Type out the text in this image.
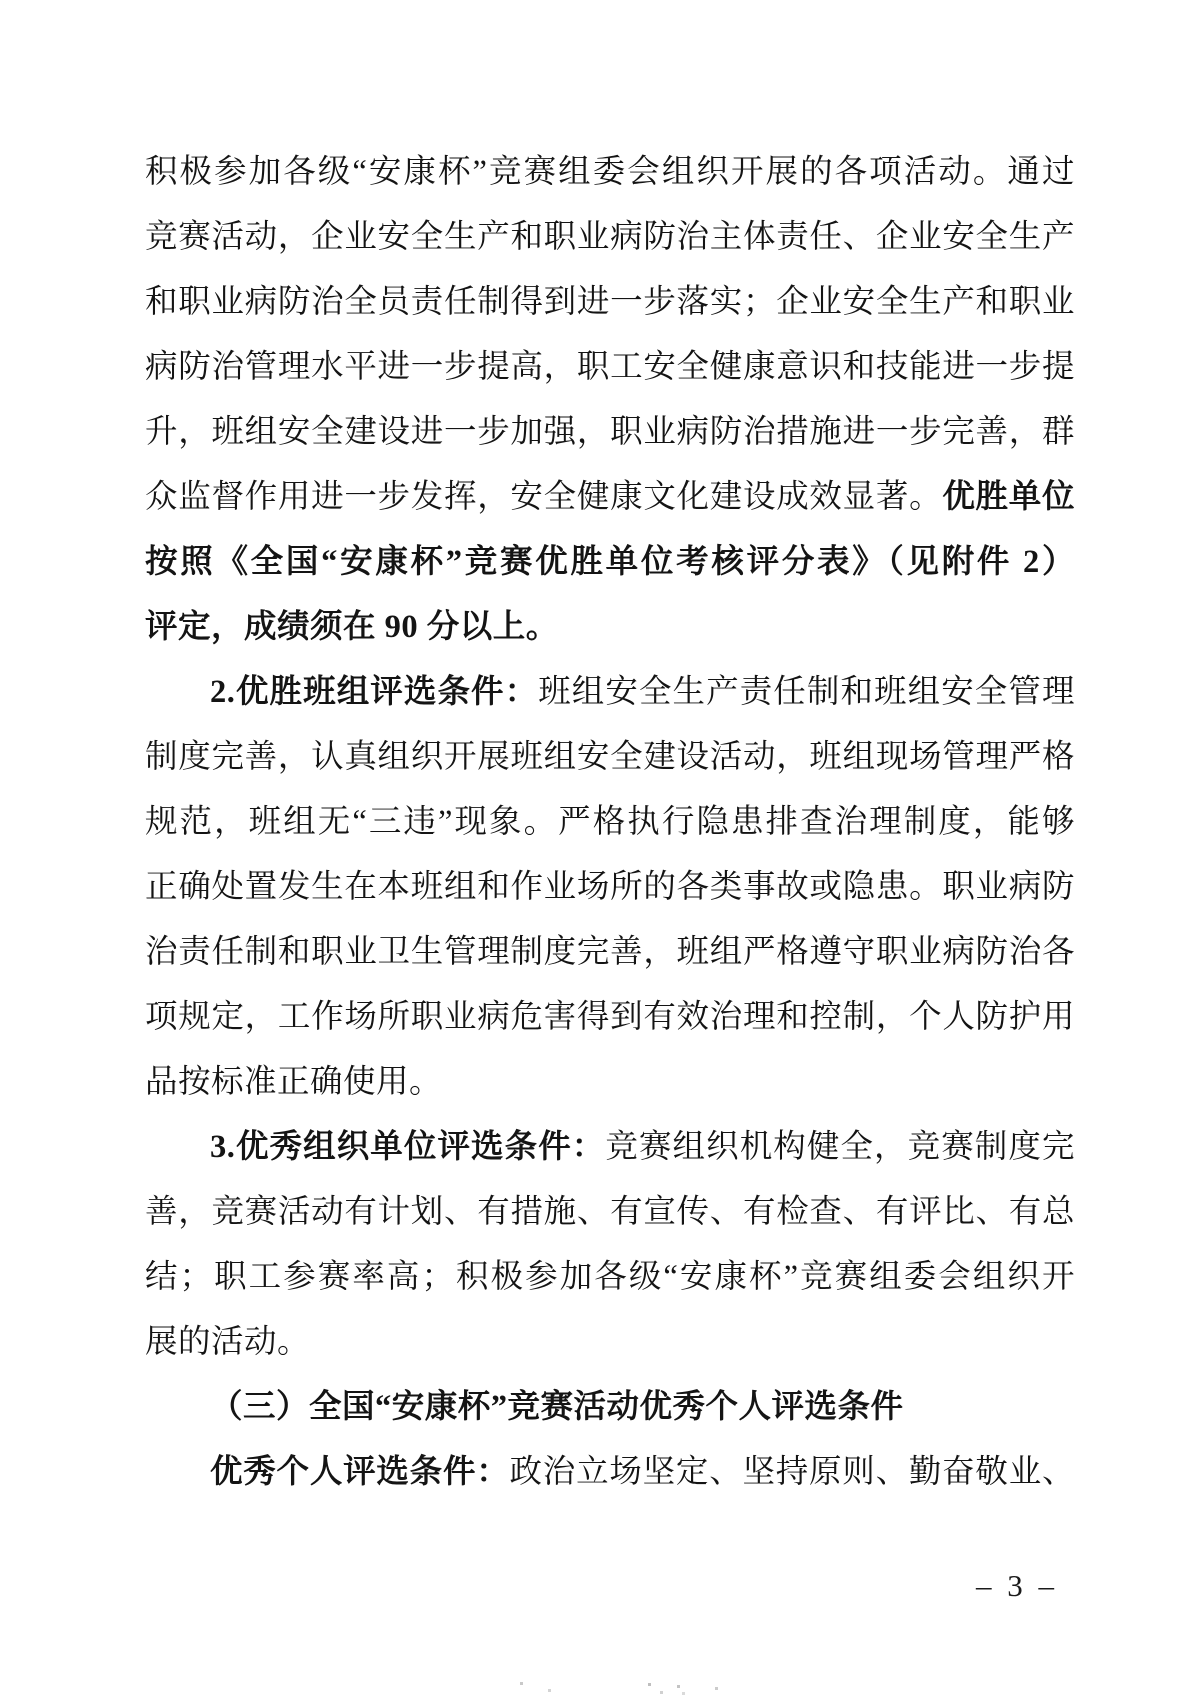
积极参加各级“安康杯”竞赛组委会组织开展的各项活动。通过
竞赛活动，企业安全生产和职业病防治主体责任、企业安全生产
和职业病防治全员责任制得到进一步落实；企业安全生产和职业
病防治管理水平进一步提高，职工安全健康意识和技能进一步提
升，班组安全建设进一步加强，职业病防治措施进一步完善，群
众监督作用进一步发挥，安全健康文化建设成效显著。优胜单位
按照《全国“安康杯”竞赛优胜单位考核评分表》（见附件 2）
评定，成绩须在 90 分以上。
2.优胜班组评选条件：班组安全生产责任制和班组安全管理
制度完善，认真组织开展班组安全建设活动，班组现场管理严格
规范，班组无“三违”现象。严格执行隐患排查治理制度，能够
正确处置发生在本班组和作业场所的各类事故或隐患。职业病防
治责任制和职业卫生管理制度完善，班组严格遵守职业病防治各
项规定，工作场所职业病危害得到有效治理和控制，个人防护用
品按标准正确使用。
3.优秀组织单位评选条件：竞赛组织机构健全，竞赛制度完
善，竞赛活动有计划、有措施、有宣传、有检查、有评比、有总
结；职工参赛率高；积极参加各级“安康杯”竞赛组委会组织开
展的活动。
（三）全国“安康杯”竞赛活动优秀个人评选条件
优秀个人评选条件：政治立场坚定、坚持原则、勤奋敬业、
– 3 –
